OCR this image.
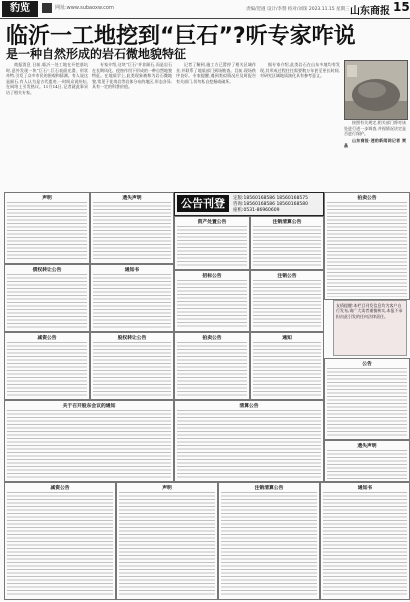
豹览	网址:www.subaoxw.com	责编/贺遒 设计/李赞 校对/刘琛 2023.11.15 星期三 山东商报 15
临沂一工地挖到“巨石”?听专家咋说
是一种自然形成的岩石微地貌特征

商报消息 日前,临沂一处工地在开挖基坑时,意外发现一块“巨石”,巨石表面光滑、形状奇特,引发了众多市民的围观和猜测。有人说这是陨石,有人认为是古代遗迹,一时间众说纷纭,在网络上引发热议。11月14日,记者就此事采访了相关专家。

专家介绍,这块“巨石”并非陨石,而是岩石在长期风化、侵蚀作用下形成的一种自然地貌特征。在地质学上,此类现象被称为岩石微地貌,常见于花岗岩等岩体分布的地区,形态各异,具有一定的科普价值。

记者了解到,施工方已暂停了相关区域作业,并联系了地质部门到场勘查。目前,现场秩序良好。专家提醒,遇到类似情况应及时报告有关部门,切勿私自挖掘或破坏。

据专家介绍,此类岩石在山东多地均有发现,其形成过程往往需要数万年甚至更长时间,对研究区域地质演化具有参考意义。

按照有关规定,相关部门将对该处进行进一步调查,并视情况决定是否进行保护。

山东商报·速豹新闻网记者 贾晶

公告刊登	定版:18560168586 18560168575
咨询:18560168586 18560168580
座机:0531-86960609
友情提醒:本栏目刊发信息均为客户自行发布,请广大读者谨慎核实,本报不承担由此引发的任何法律责任。
声明	遗失声明
资产处置公告	注销清算公告
拍卖公告
债权转让公告	通知书
招标公告	注销公告
减资公告	股权转让公告	拍卖公告	通知
公告
关于召开股东会议的通知	清算公告
遗失声明
减资公告	声明	注销清算公告	通知书
